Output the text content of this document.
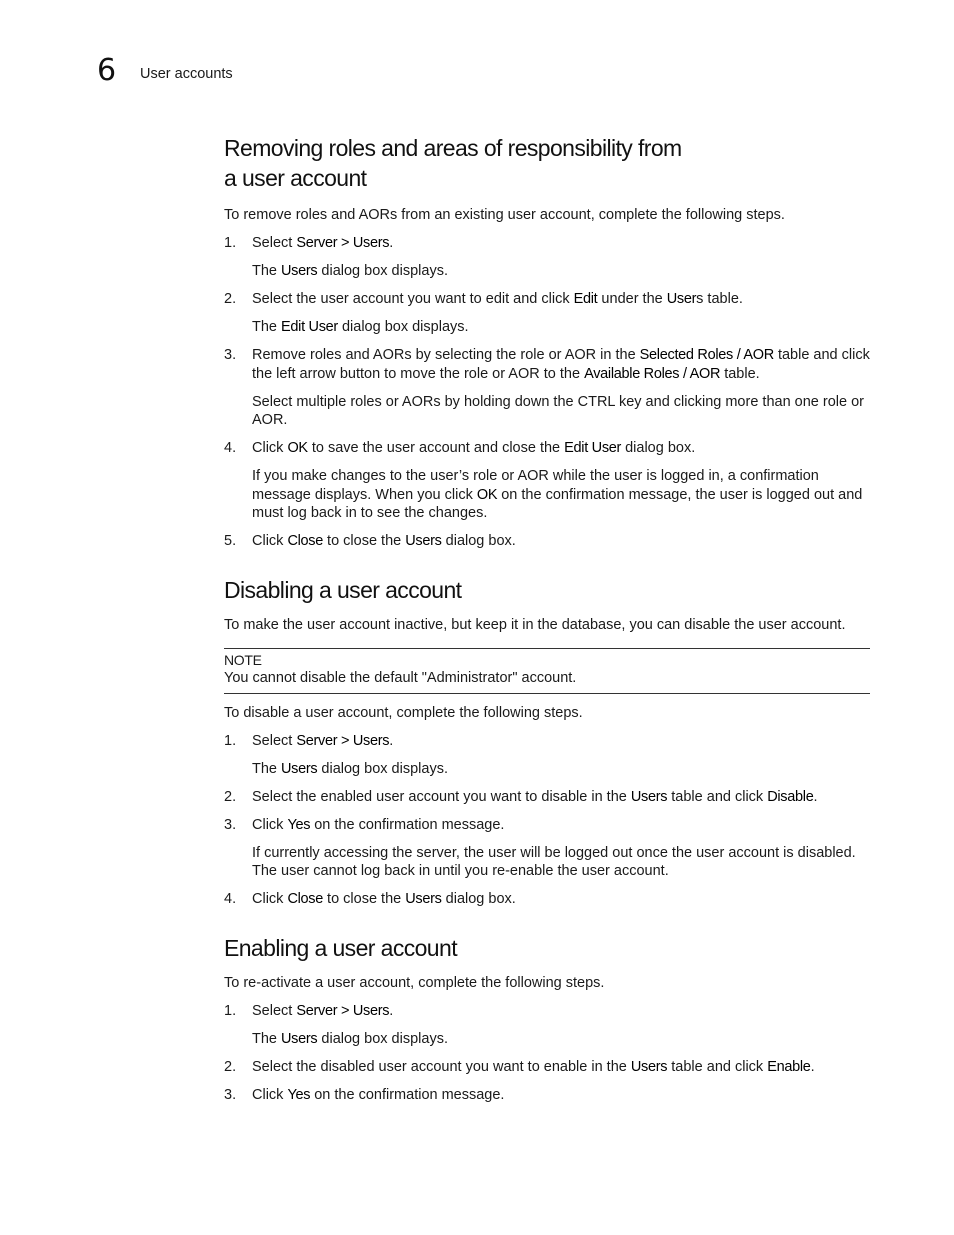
6 User accounts
Removing roles and areas of responsibility from
a user account

To remove roles and AORs from an existing user account, complete the following steps.

1. Select Server > Users.
The Users dialog box displays.
2. Select the user account you want to edit and click Edit under the Users table.
The Edit User dialog box displays.
3. Remove roles and AORs by selecting the role or AOR in the Selected Roles / AOR table and click the left arrow button to move the role or AOR to the Available Roles / AOR table.
Select multiple roles or AORs by holding down the CTRL key and clicking more than one role or AOR.
4. Click OK to save the user account and close the Edit User dialog box.
If you make changes to the user’s role or AOR while the user is logged in, a confirmation message displays. When you click OK on the confirmation message, the user is logged out and must log back in to see the changes.
5. Click Close to close the Users dialog box.
Disabling a user account

To make the user account inactive, but keep it in the database, you can disable the user account.

NOTE

You cannot disable the default "Administrator" account.

To disable a user account, complete the following steps.

1. Select Server > Users.
The Users dialog box displays.
2. Select the enabled user account you want to disable in the Users table and click Disable.
3. Click Yes on the confirmation message.
If currently accessing the server, the user will be logged out once the user account is disabled. The user cannot log back in until you re-enable the user account.
4. Click Close to close the Users dialog box.
Enabling a user account

To re-activate a user account, complete the following steps.

1. Select Server > Users.
The Users dialog box displays.
2. Select the disabled user account you want to enable in the Users table and click Enable.
3. Click Yes on the confirmation message.
